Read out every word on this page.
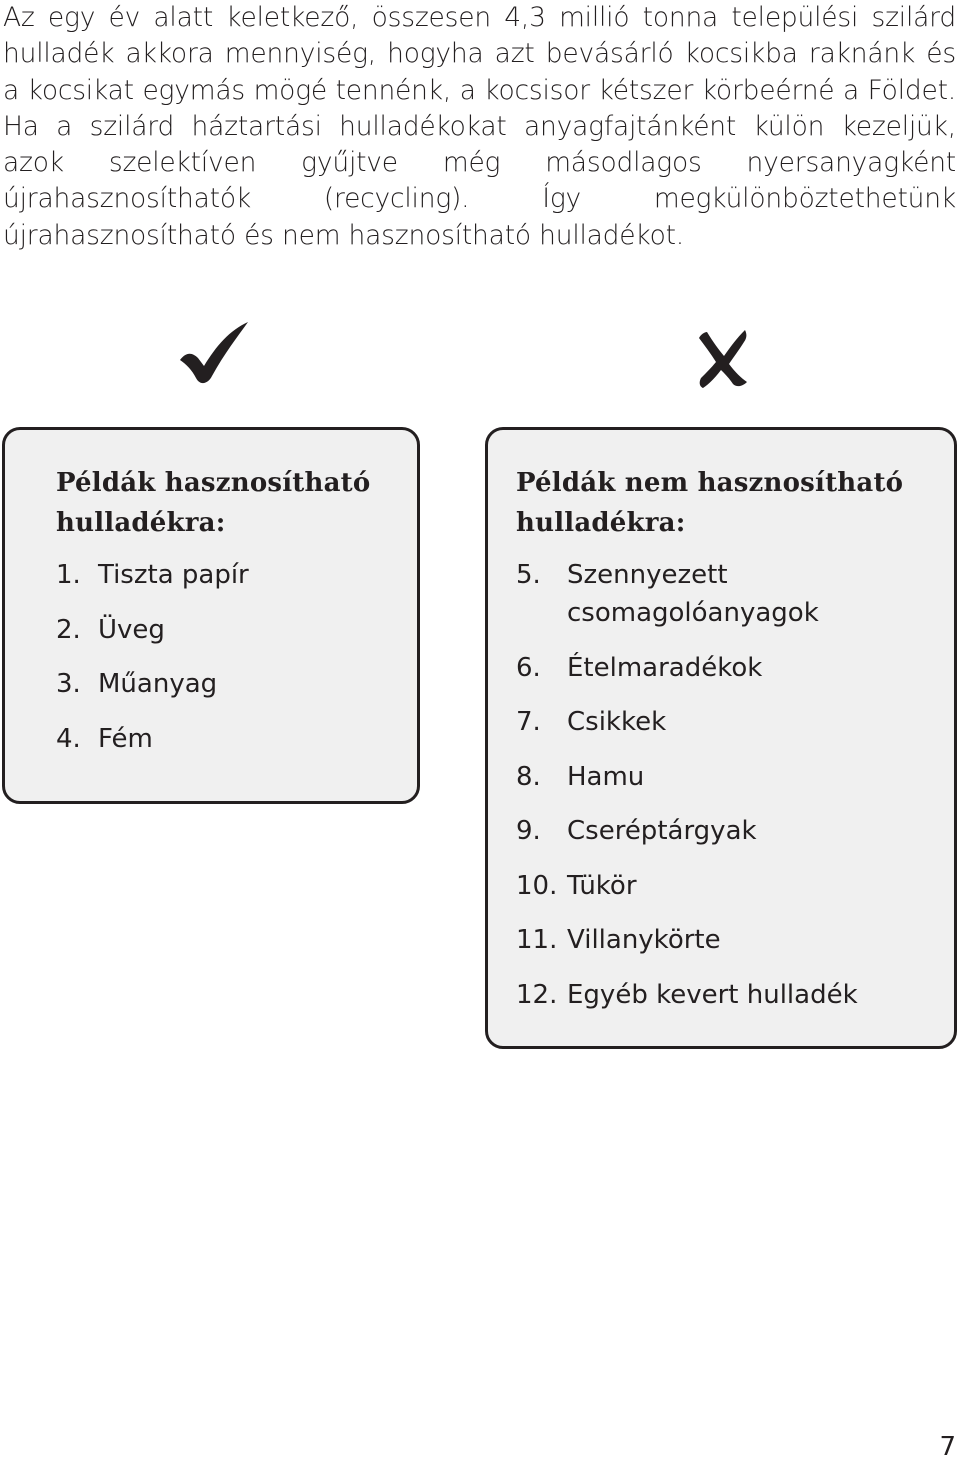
Az egy év alatt keletkező, összesen 4,3 millió tonna települési szilárd hulladék akkora mennyiség, hogyha azt bevásárló kocsikba raknánk és a kocsikat egymás mögé tennénk, a kocsisor kétszer körbeérné a Földet. Ha a szilárd háztartási hulladékokat anyagfajtánként külön kezeljük, azok szelektíven gyűjtve még másodlagos nyersanyagként újrahasznosíthatók (recycling). Így megkülönböztethetünk újrahasznosítható és nem hasznosítható hulladékot.

Példák hasznosítható hulladékra:
1. Tiszta papír
2. Üveg
3. Műanyag
4. Fém
Példák nem hasznosítható hulladékra:
5.	Szennyezett csomagolóanyagok
6.	Ételmaradékok
7.	Csikkek
8.	Hamu
9.	Cseréptárgyak
10. Tükör
11. Villanykörte
12. Egyéb kevert hulladék
7
